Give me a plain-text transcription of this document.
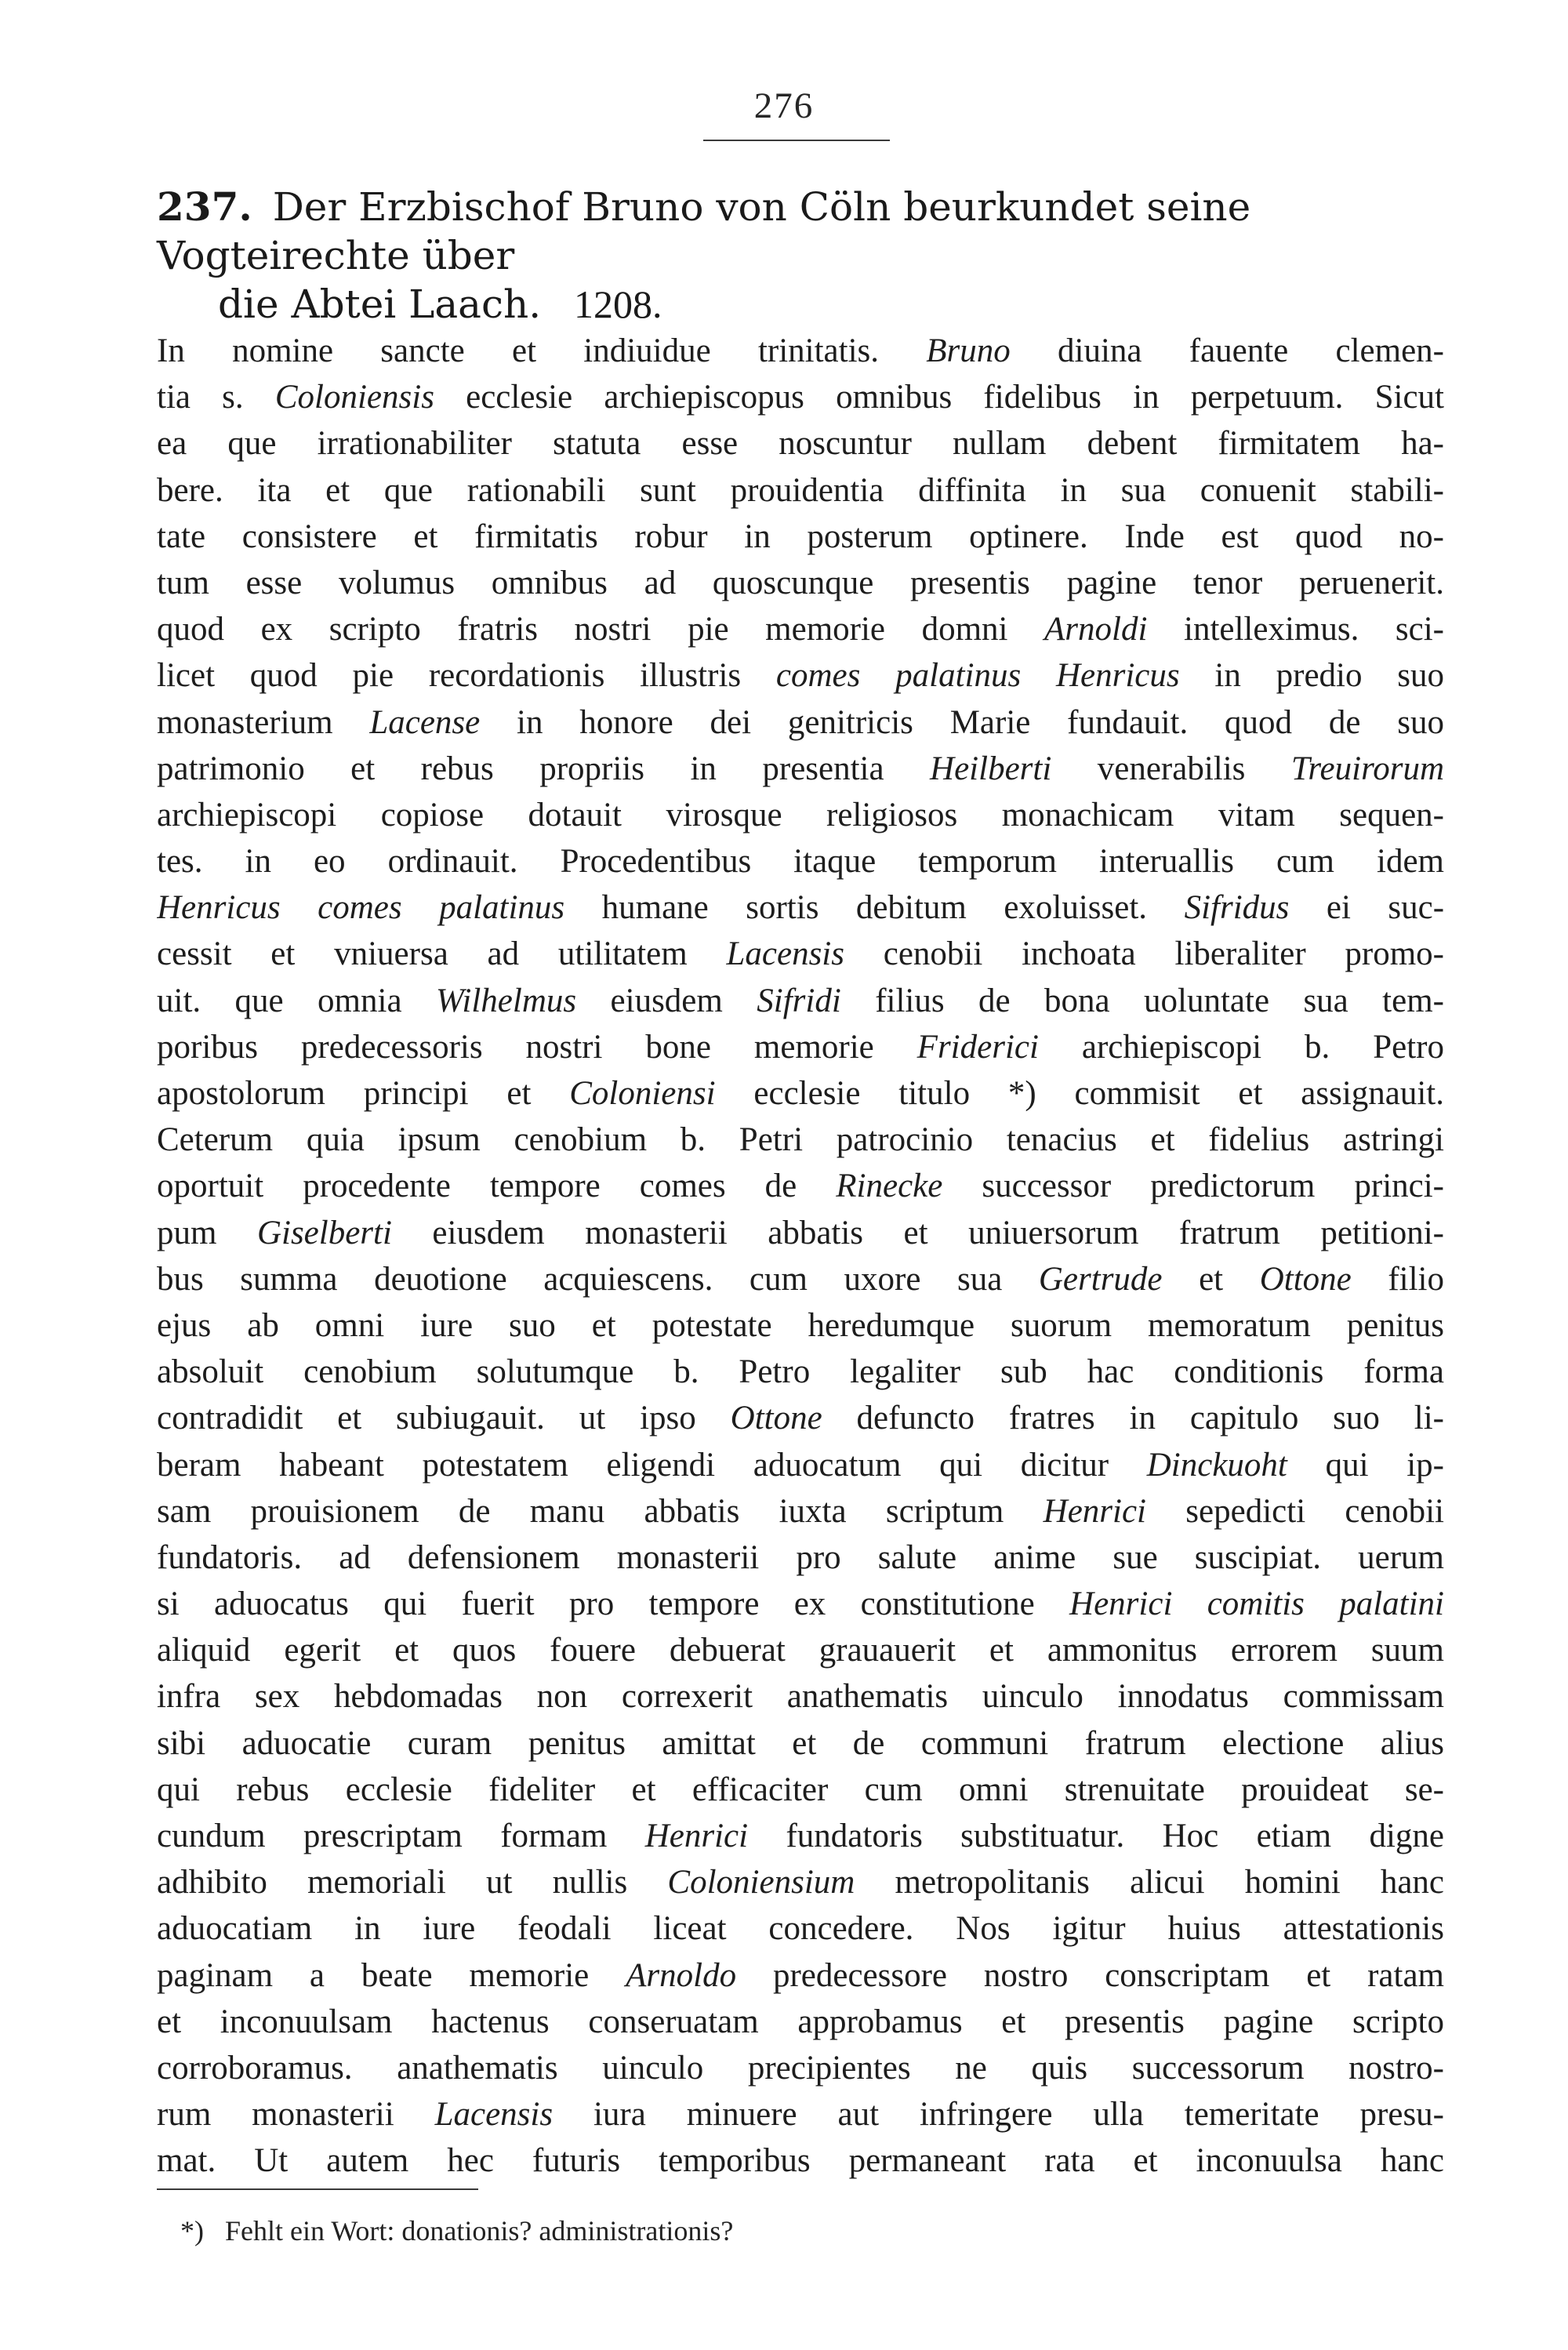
276
237. Der Erzbischof Bruno von Cöln beurkundet seine Vogteirechte über
die Abtei Laach. 1208.
In nomine sancte et indiuidue trinitatis. Bruno diuina fauente clemen-
tia s. Coloniensis ecclesie archiepiscopus omnibus fidelibus in perpetuum. Sicut
ea que irrationabiliter statuta esse noscuntur nullam debent firmitatem ha-
bere. ita et que rationabili sunt prouidentia diffinita in sua conuenit stabili-
tate consistere et firmitatis robur in posterum optinere. Inde est quod no-
tum esse volumus omnibus ad quoscunque presentis pagine tenor peruenerit.
quod ex scripto fratris nostri pie memorie domni Arnoldi intelleximus. sci-
licet quod pie recordationis illustris comes palatinus Henricus in predio suo
monasterium Lacense in honore dei genitricis Marie fundauit. quod de suo
patrimonio et rebus propriis in presentia Heilberti venerabilis Treuirorum
archiepiscopi copiose dotauit virosque religiosos monachicam vitam sequen-
tes. in eo ordinauit. Procedentibus itaque temporum interuallis cum idem
Henricus comes palatinus humane sortis debitum exoluisset. Sifridus ei suc-
cessit et vniuersa ad utilitatem Lacensis cenobii inchoata liberaliter promo-
uit. que omnia Wilhelmus eiusdem Sifridi filius de bona uoluntate sua tem-
poribus predecessoris nostri bone memorie Friderici archiepiscopi b. Petro
apostolorum principi et Coloniensi ecclesie titulo *) commisit et assignauit.
Ceterum quia ipsum cenobium b. Petri patrocinio tenacius et fidelius astringi
oportuit procedente tempore comes de Rinecke successor predictorum princi-
pum Giselberti eiusdem monasterii abbatis et uniuersorum fratrum petitioni-
bus summa deuotione acquiescens. cum uxore sua Gertrude et Ottone filio
ejus ab omni iure suo et potestate heredumque suorum memoratum penitus
absoluit cenobium solutumque b. Petro legaliter sub hac conditionis forma
contradidit et subiugauit. ut ipso Ottone defuncto fratres in capitulo suo li-
beram habeant potestatem eligendi aduocatum qui dicitur Dinckuoht qui ip-
sam prouisionem de manu abbatis iuxta scriptum Henrici sepedicti cenobii
fundatoris. ad defensionem monasterii pro salute anime sue suscipiat. uerum
si aduocatus qui fuerit pro tempore ex constitutione Henrici comitis palatini
aliquid egerit et quos fouere debuerat grauauerit et ammonitus errorem suum
infra sex hebdomadas non correxerit anathematis uinculo innodatus commissam
sibi aduocatie curam penitus amittat et de communi fratrum electione alius
qui rebus ecclesie fideliter et efficaciter cum omni strenuitate prouideat se-
cundum prescriptam formam Henrici fundatoris substituatur. Hoc etiam digne
adhibito memoriali ut nullis Coloniensium metropolitanis alicui homini hanc
aduocatiam in iure feodali liceat concedere. Nos igitur huius attestationis
paginam a beate memorie Arnoldo predecessore nostro conscriptam et ratam
et inconuulsam hactenus conseruatam approbamus et presentis pagine scripto
corroboramus. anathematis uinculo precipientes ne quis successorum nostro-
rum monasterii Lacensis iura minuere aut infringere ulla temeritate presu-
mat. Ut autem hec futuris temporibus permaneant rata et inconuulsa hanc
*) Fehlt ein Wort: donationis? administrationis?
